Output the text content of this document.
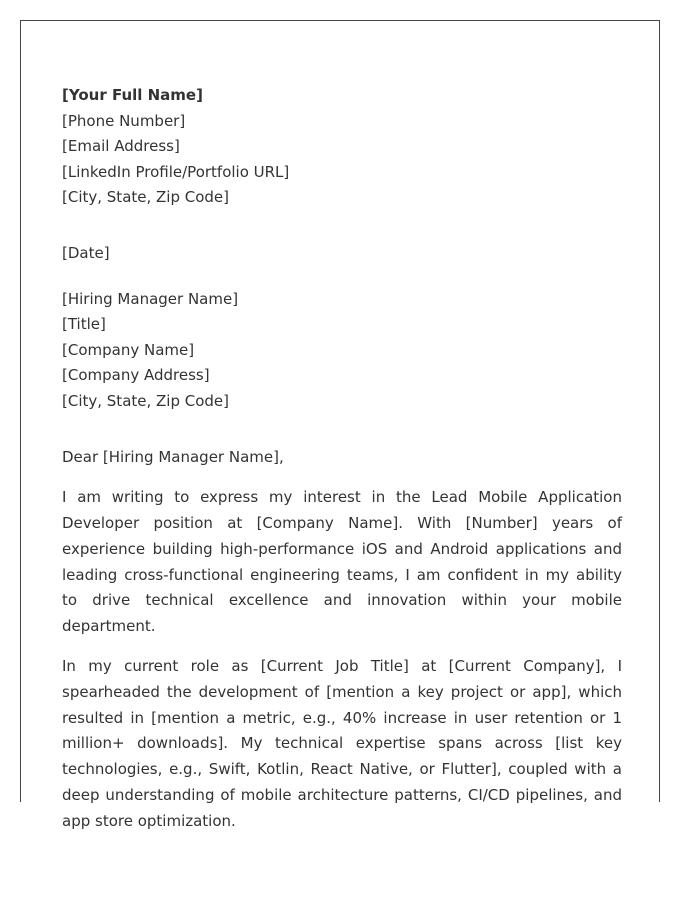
[Your Full Name]
[Phone Number]
[Email Address]
[LinkedIn Profile/Portfolio URL]
[City, State, Zip Code]
[Date]
[Hiring Manager Name]
[Title]
[Company Name]
[Company Address]
[City, State, Zip Code]
Dear [Hiring Manager Name],

I am writing to express my interest in the Lead Mobile Application Developer position at [Company Name]. With [Number] years of experience building high-performance iOS and Android applications and leading cross-functional engineering teams, I am confident in my ability to drive technical excellence and innovation within your mobile department.

In my current role as [Current Job Title] at [Current Company], I spearheaded the development of [mention a key project or app], which resulted in [mention a metric, e.g., 40% increase in user retention or 1 million+ downloads]. My technical expertise spans across [list key technologies, e.g., Swift, Kotlin, React Native, or Flutter], coupled with a deep understanding of mobile architecture patterns, CI/CD pipelines, and app store optimization.
